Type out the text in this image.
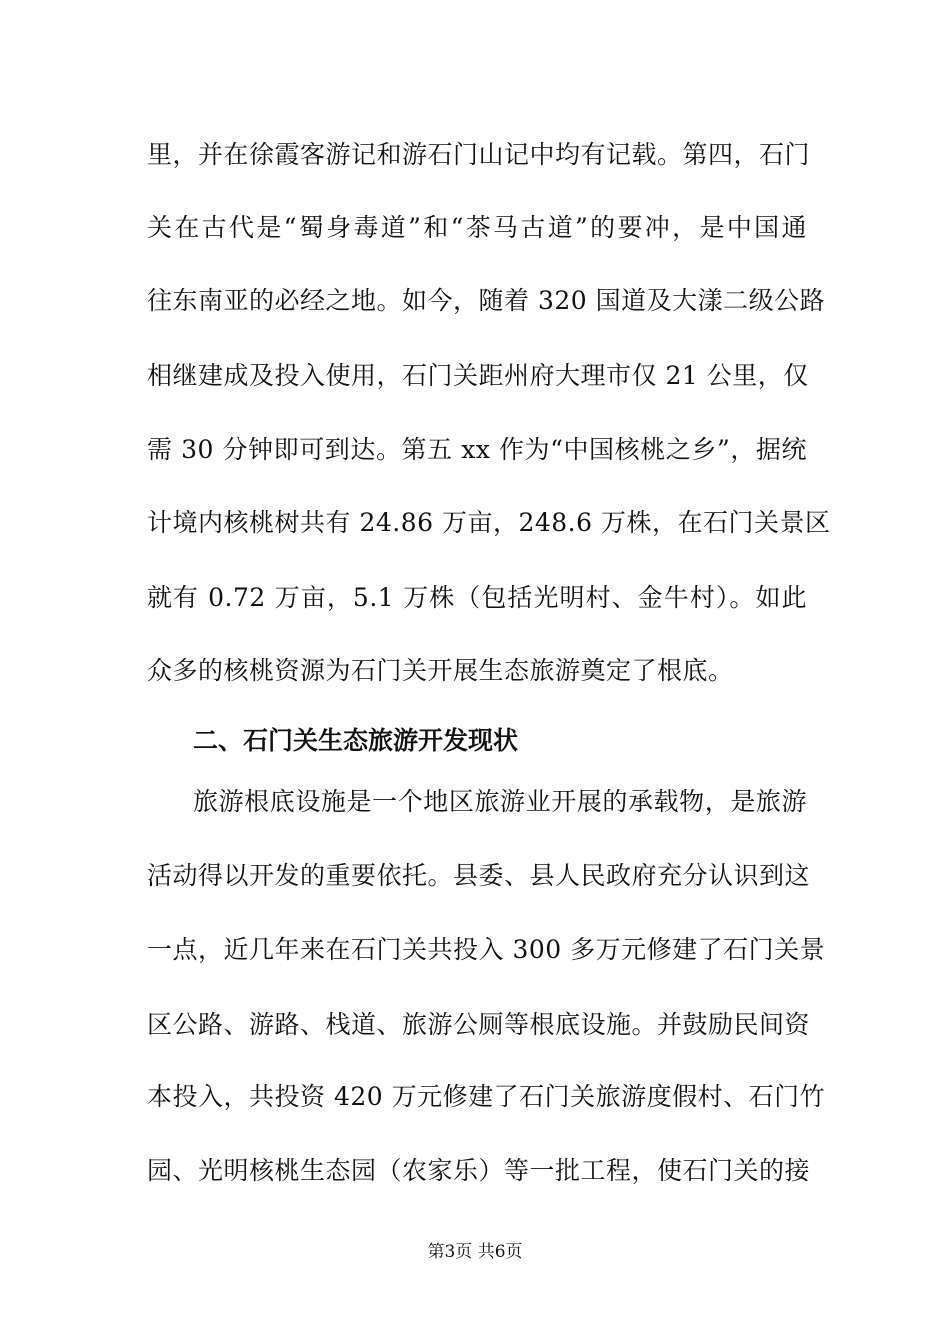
里，并在徐霞客游记和游石门山记中均有记载。第四，石门
关在古代是“蜀身毒道”和“茶马古道”的要冲，是中国通
往东南亚的必经之地。如今，随着 320 国道及大漾二级公路
相继建成及投入使用，石门关距州府大理市仅 21 公里，仅
需 30 分钟即可到达。第五 xx 作为“中国核桃之乡”，据统
计境内核桃树共有 24.86 万亩，248.6 万株，在石门关景区
就有 0.72 万亩，5.1 万株（包括光明村、金牛村）。如此
众多的核桃资源为石门关开展生态旅游奠定了根底。
二、石门关生态旅游开发现状
旅游根底设施是一个地区旅游业开展的承载物，是旅游
活动得以开发的重要依托。县委、县人民政府充分认识到这
一点，近几年来在石门关共投入 300 多万元修建了石门关景
区公路、游路、栈道、旅游公厕等根底设施。并鼓励民间资
本投入，共投资 420 万元修建了石门关旅游度假村、石门竹
园、光明核桃生态园（农家乐）等一批工程，使石门关的接
第3页 共6页
